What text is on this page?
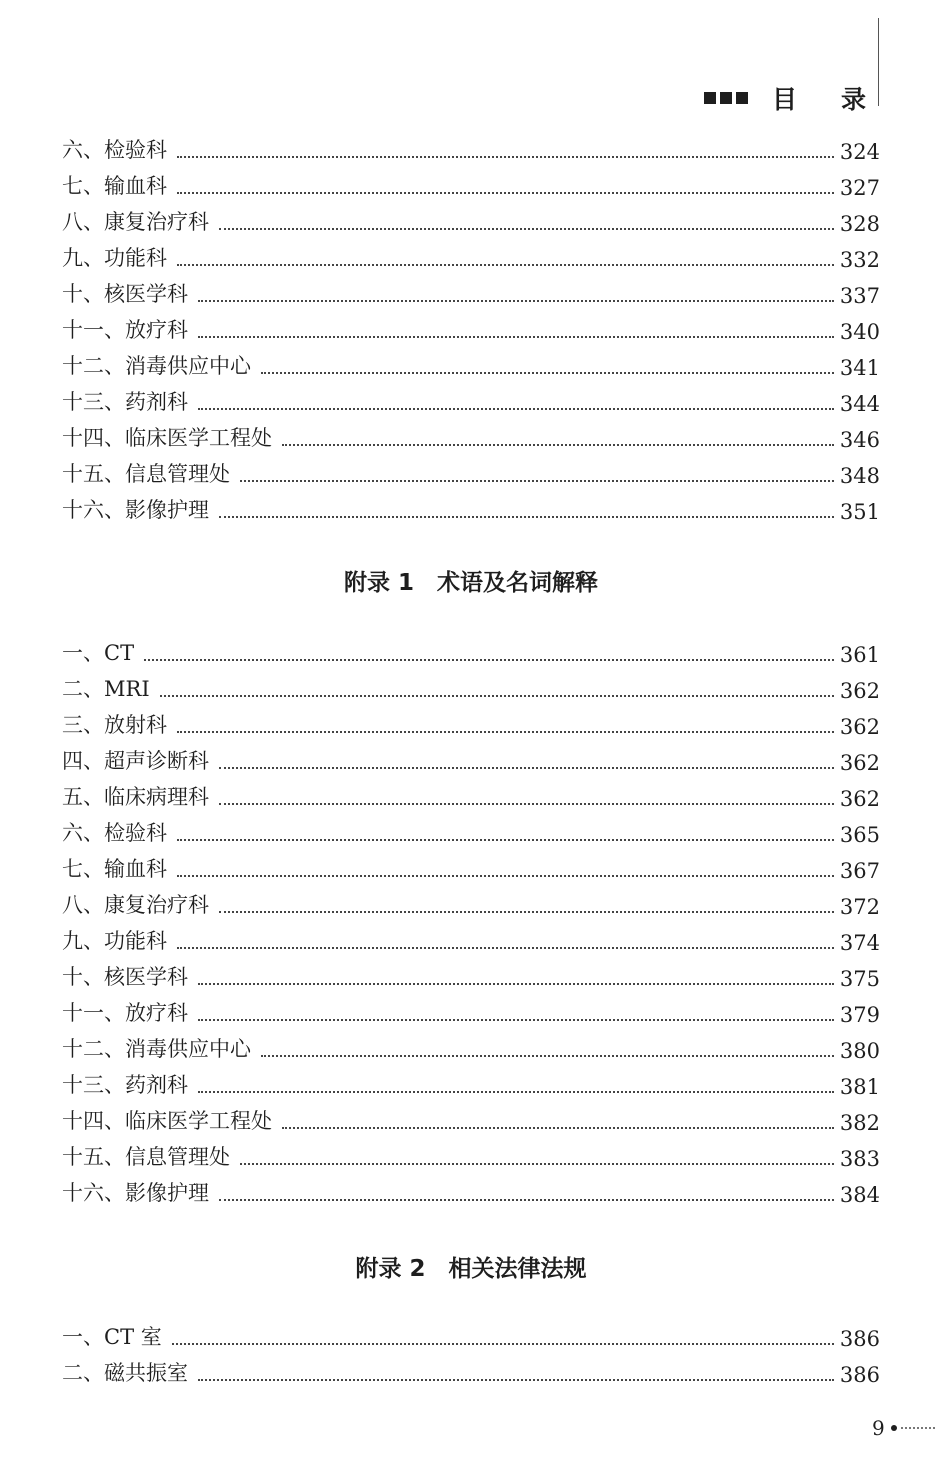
目录
六、检验科	324
七、输血科	327
八、康复治疗科	328
九、功能科	332
十、核医学科	337
十一、放疗科	340
十二、消毒供应中心	341
十三、药剂科	344
十四、临床医学工程处	346
十五、信息管理处	348
十六、影像护理	351
附录 1　术语及名词解释
一、CT	361
二、MRI	362
三、放射科	362
四、超声诊断科	362
五、临床病理科	362
六、检验科	365
七、输血科	367
八、康复治疗科	372
九、功能科	374
十、核医学科	375
十一、放疗科	379
十二、消毒供应中心	380
十三、药剂科	381
十四、临床医学工程处	382
十五、信息管理处	383
十六、影像护理	384
附录 2　相关法律法规
一、CT 室	386
二、磁共振室	386
9
